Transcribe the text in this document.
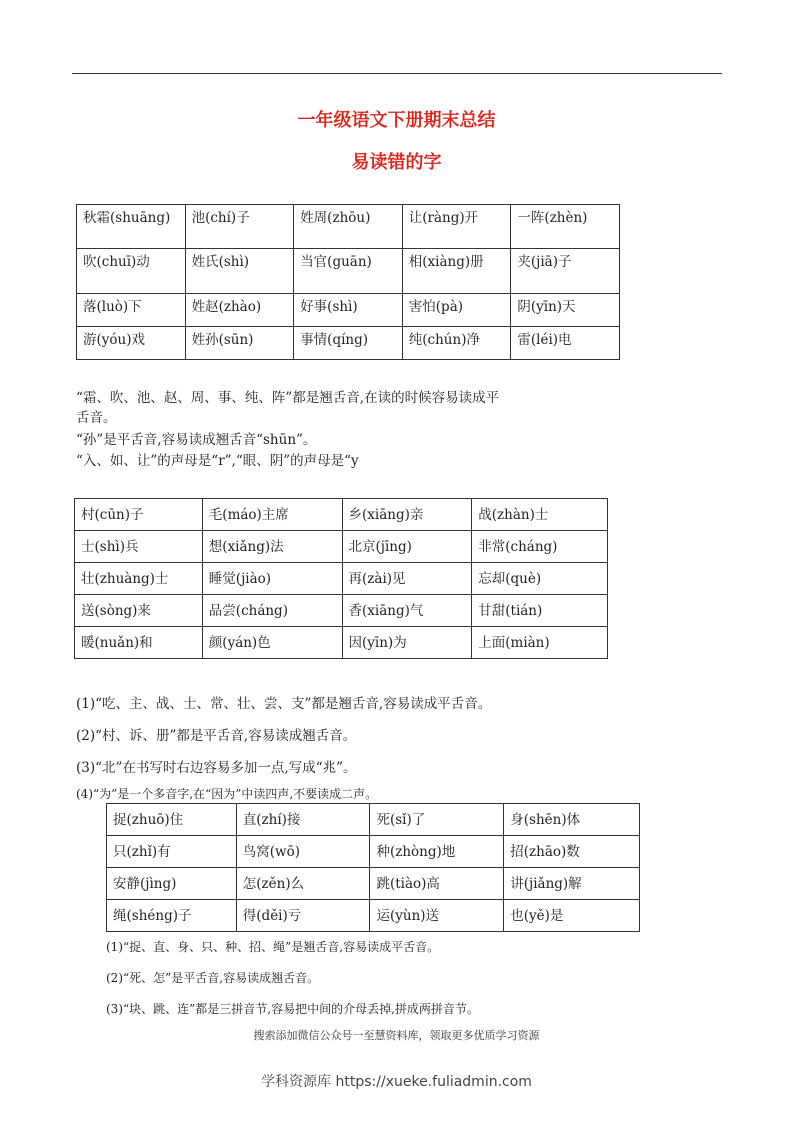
一年级语文下册期末总结
易读错的字
秋霜(shuāng)	池(chí)子	姓周(zhōu)	让(ràng)开	一阵(zhèn)
吹(chuī)动	姓氏(shì)	当官(guān)	相(xiàng)册	夹(jiā)子
落(luò)下	姓赵(zhào)	好事(shì)	害怕(pà)	阴(yīn)天
游(yóu)戏	姓孙(sūn)	事情(qíng)	纯(chún)净	雷(léi)电
“霜、吹、池、赵、周、事、纯、阵”都是翘舌音,在读的时候容易读成平
舌音。
“孙”是平舌音,容易读成翘舌音“shūn”。
“入、如、让”的声母是“r”,“眼、阴”的声母是“y
村(cūn)子	毛(máo)主席	乡(xiāng)亲	战(zhàn)士
士(shì)兵	想(xiǎng)法	北京(jīng)	非常(cháng)
壮(zhuàng)士	睡觉(jiào)	再(zài)见	忘却(què)
送(sòng)来	品尝(cháng)	香(xiāng)气	甘甜(tián)
暖(nuǎn)和	颜(yán)色	因(yīn)为	上面(miàn)
(1)“吃、主、战、士、常、壮、尝、支”都是翘舌音,容易读成平舌音。
(2)“村、诉、册”都是平舌音,容易读成翘舌音。
(3)“北”在书写时右边容易多加一点,写成“兆”。
(4)“为”是一个多音字,在“因为”中读四声,不要读成二声。
捉(zhuō)住	直(zhí)接	死(sǐ)了	身(shēn)体
只(zhǐ)有	鸟窝(wō)	种(zhòng)地	招(zhāo)数
安静(jìng)	怎(zěn)么	跳(tiào)高	讲(jiǎng)解
绳(shéng)子	得(děi)亏	运(yùn)送	也(yě)是
(1)“捉、直、身、只、种、招、绳”是翘舌音,容易读成平舌音。
(2)“死、怎”是平舌音,容易读成翘舌音。
(3)“块、跳、连”都是三拼音节,容易把中间的介母丢掉,拼成两拼音节。
搜索添加微信公众号一至慧资料库，领取更多优质学习资源
学科资源库 https://xueke.fuliadmin.com
